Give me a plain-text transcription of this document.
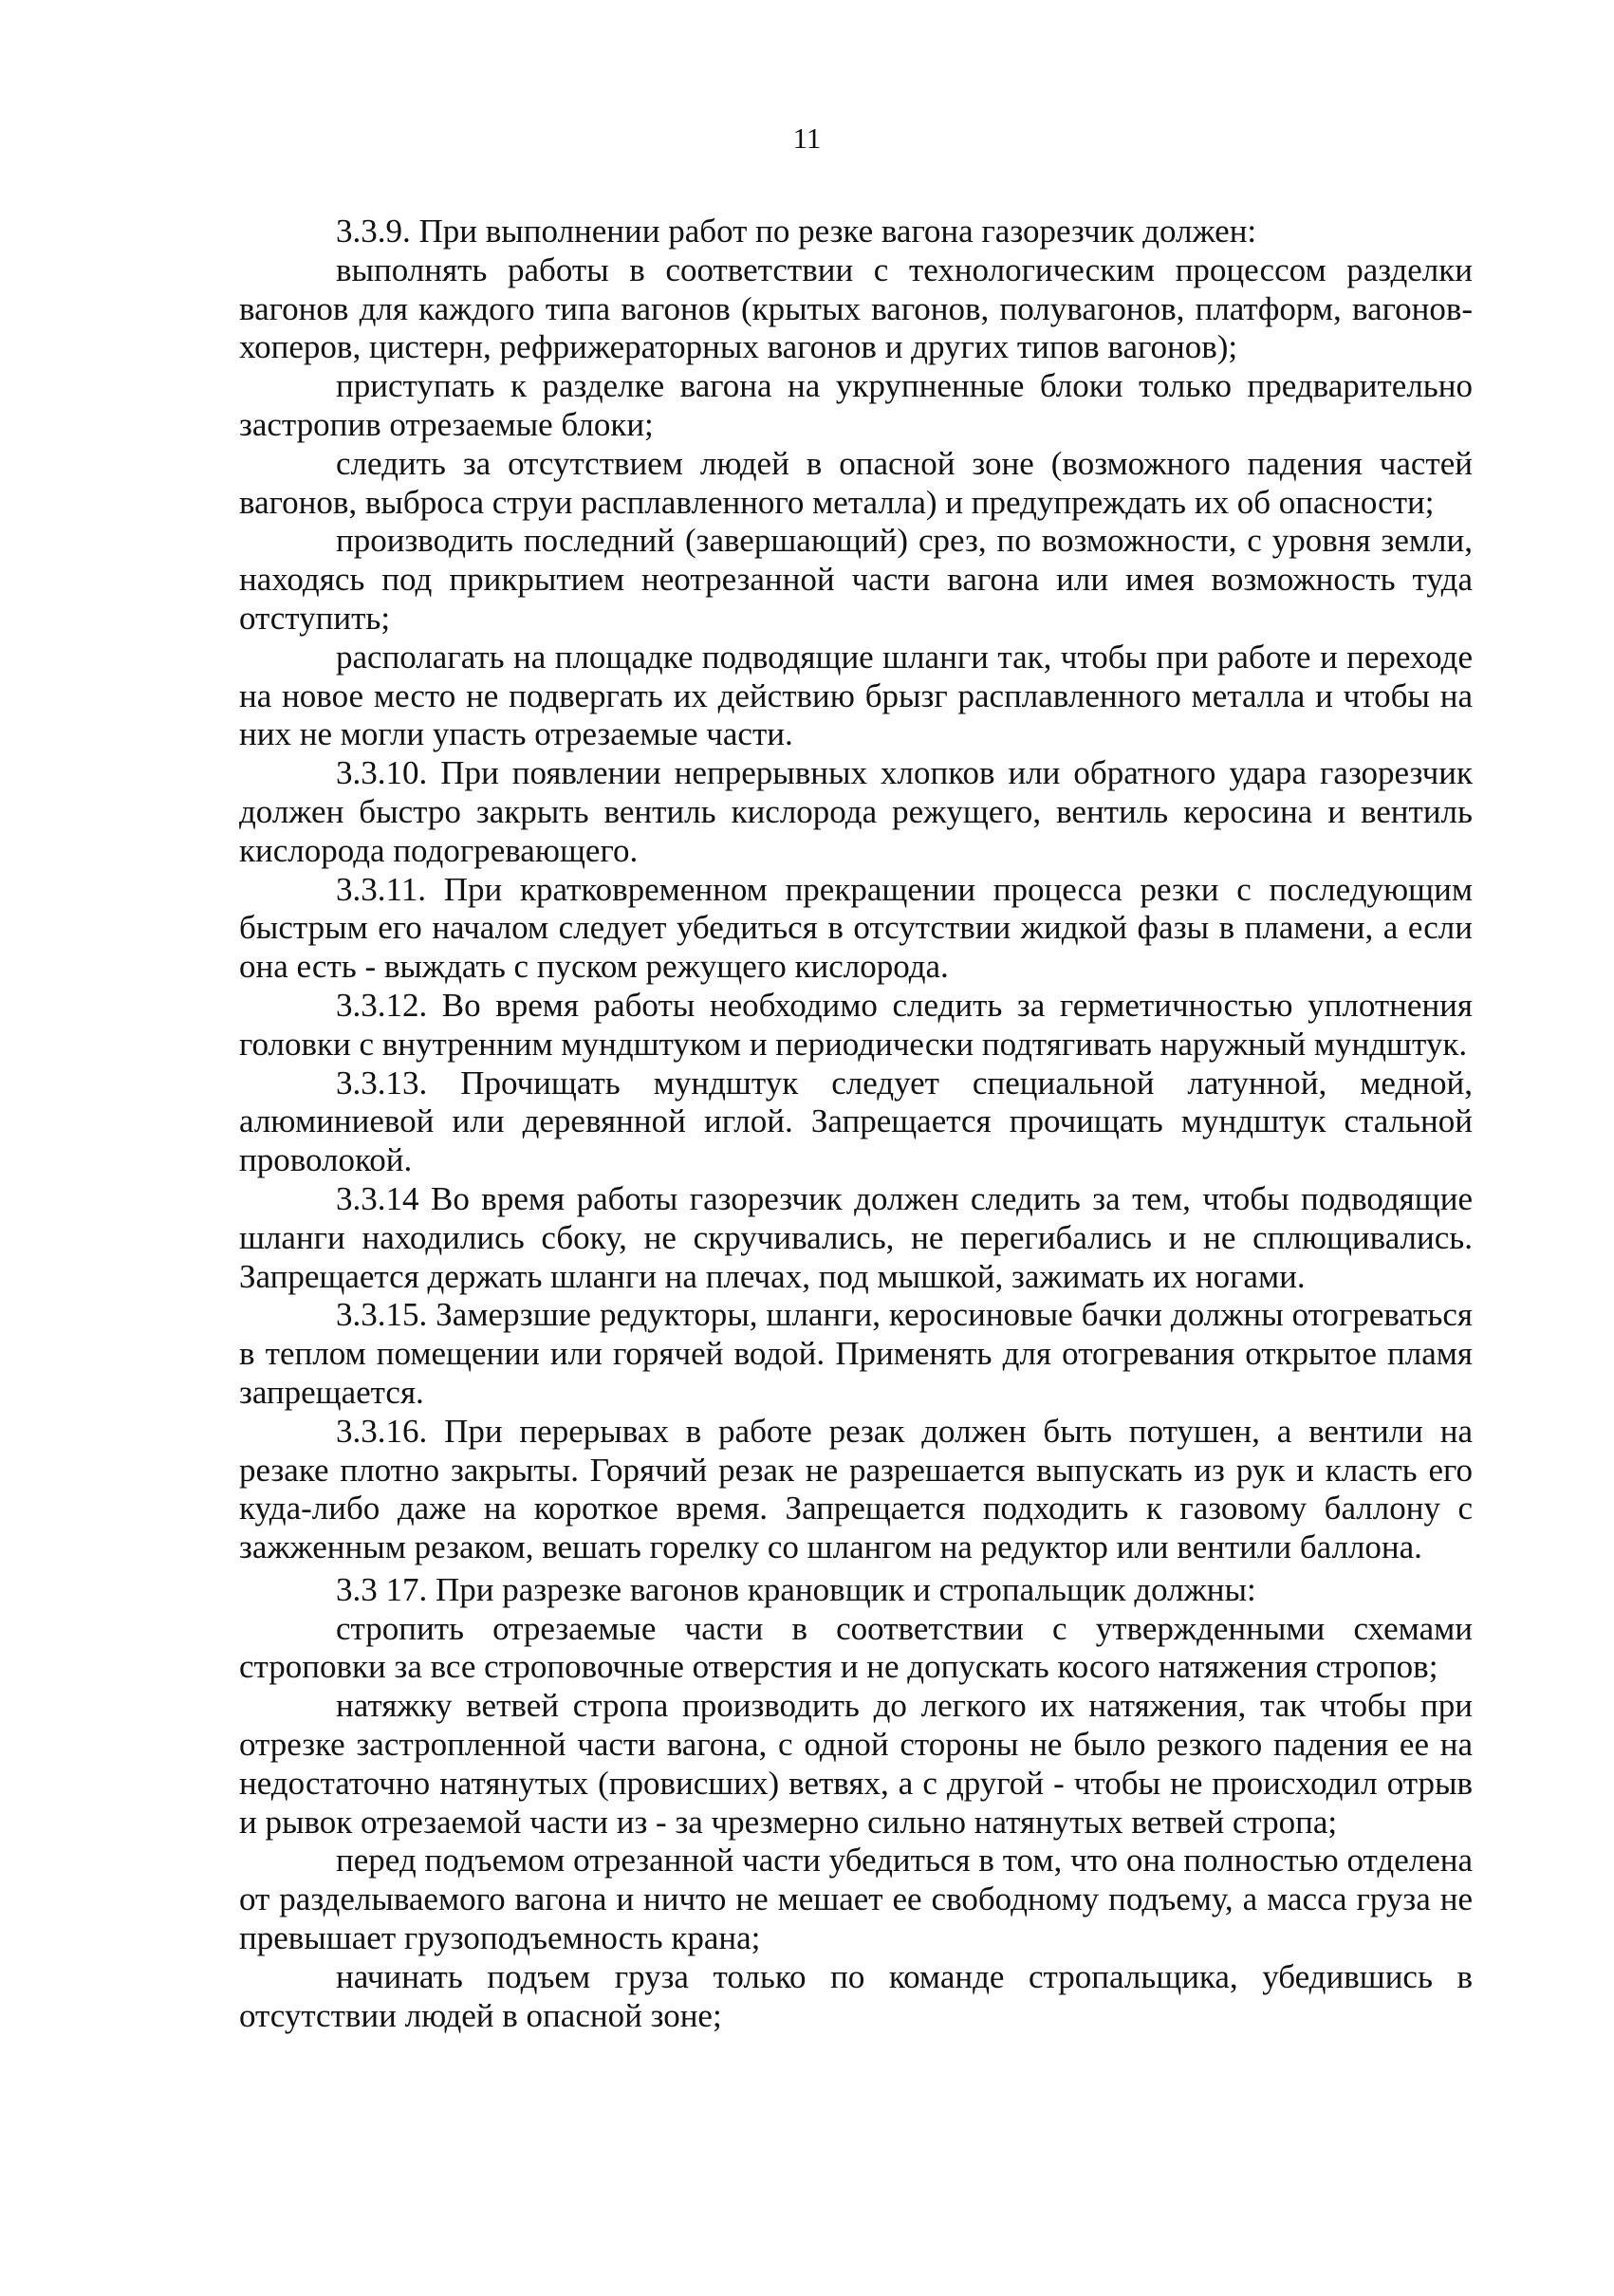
11

3.3.9. При выполнении работ по резке вагона газорезчик должен:

выполнять работы в соответствии с технологическим процессом разделки вагонов для каждого типа вагонов (крытых вагонов, полувагонов, платформ, вагонов-хоперов, цистерн, рефрижераторных вагонов и других типов вагонов);

приступать к разделке вагона на укрупненные блоки только предварительно застропив отрезаемые блоки;

следить за отсутствием людей в опасной зоне (возможного падения частей вагонов, выброса струи расплавленного металла) и предупреждать их об опасности;

производить последний (завершающий) срез, по возможности, с уровня земли, находясь под прикрытием неотрезанной части вагона или имея возможность туда отступить;

располагать на площадке подводящие шланги так, чтобы при работе и переходе на новое место не подвергать их действию брызг расплавленного металла и чтобы на них не могли упасть отрезаемые части.

3.3.10. При появлении непрерывных хлопков или обратного удара газорезчик должен быстро закрыть вентиль кислорода режущего, вентиль керосина и вентиль кислорода подогревающего.

3.3.11. При кратковременном прекращении процесса резки с последующим быстрым его началом следует убедиться в отсутствии жидкой фазы в пламени, а если она есть - выждать с пуском режущего кислорода.

3.3.12. Во время работы необходимо следить за герметичностью уплотнения головки с внутренним мундштуком и периодически подтягивать наружный мундштук.

3.3.13. Прочищать мундштук следует специальной латунной, медной, алюминиевой или деревянной иглой. Запрещается прочищать мундштук стальной проволокой.

3.3.14 Во время работы газорезчик должен следить за тем, чтобы подводящие шланги находились сбоку, не скручивались, не перегибались и не сплющивались. Запрещается держать шланги на плечах, под мышкой, зажимать их ногами.

3.3.15. Замерзшие редукторы, шланги, керосиновые бачки должны отогреваться в теплом помещении или горячей водой. Применять для отогревания открытое пламя запрещается.

3.3.16. При перерывах в работе резак должен быть потушен, а вентили на резаке плотно закрыты. Горячий резак не разрешается выпускать из рук и класть его куда-либо даже на короткое время. Запрещается подходить к газовому баллону с зажженным резаком, вешать горелку со шлангом на редуктор или вентили баллона.

3.3 17. При разрезке вагонов крановщик и стропальщик должны:

стропить отрезаемые части в соответствии с утвержденными схемами строповки за все строповочные отверстия и не допускать косого натяжения стропов;

натяжку ветвей стропа производить до легкого их натяжения, так чтобы при отрезке застропленной части вагона, с одной стороны не было резкого падения ее на недостаточно натянутых (провисших) ветвях, а с другой - чтобы не происходил отрыв и рывок отрезаемой части из - за чрезмерно сильно натянутых ветвей стропа;

перед подъемом отрезанной части убедиться в том, что она полностью отделена от разделываемого вагона и ничто не мешает ее свободному подъему, а масса груза не превышает грузоподъемность крана;

начинать подъем груза только по команде стропальщика, убедившись в отсутствии людей в опасной зоне;
